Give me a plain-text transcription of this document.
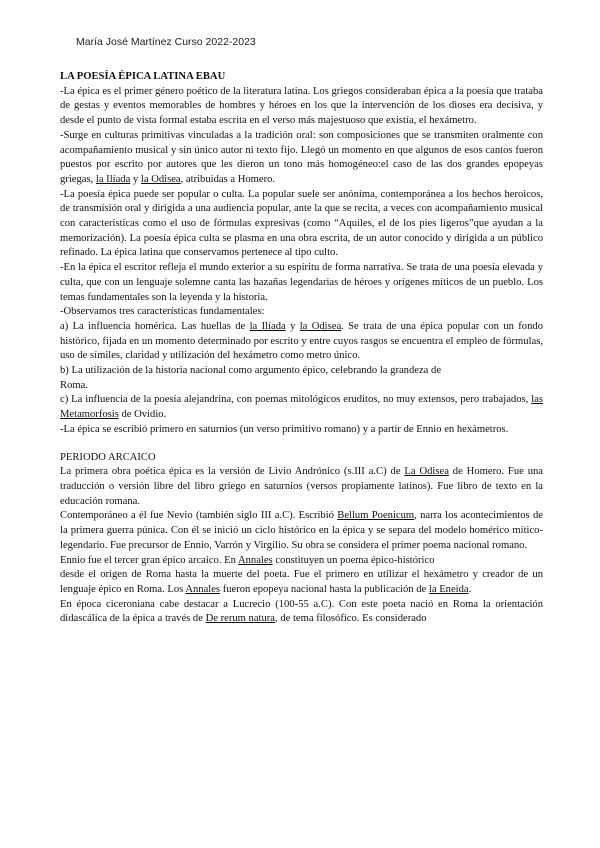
María José Martínez Curso 2022-2023

LA POESÍA ÉPICA LATINA EBAU

-La épica es el primer género poético de la literatura latina. Los griegos consideraban épica a la poesía que trataba de gestas y eventos memorables de hombres y héroes en los que la intervención de los dioses era decisiva, y desde el punto de vista formal estaba escrita en el verso más majestuoso que existía, el hexámetro.

-Surge en culturas primitivas vinculadas a la tradición oral: son composiciones que se transmiten oralmente con acompañamiento musical y sin único autor ni texto fijo. Llegó un momento en que algunos de esos cantos fueron puestos por escrito por autores que les dieron un tono más homogéneo:el caso de las dos grandes epopeyas griegas, la Ilíada y la Odisea, atribuidas a Homero.

-La poesía épica puede ser popular o culta. La popular suele ser anónima, contemporánea a los hechos heroicos, de transmisión oral y dirigida a una audiencia popular, ante la que se recita, a veces con acompañamiento musical con características como el uso de fórmulas expresivas (como “Aquiles, el de los pies ligeros”que ayudan a la memorización). La poesía épica culta se plasma en una obra escrita, de un autor conocido y dirigida a un público refinado. La épica latina que conservamos pertenece al tipo culto.

-En la épica el escritor refleja el mundo exterior a su espíritu de forma narrativa. Se trata de una poesía elevada y culta, que con un lenguaje solemne canta las hazañas legendarias de héroes y orígenes míticos de un pueblo. Los temas fundamentales son la leyenda y la historia.

-Observamos tres características fundamentales:

a) La influencia homérica. Las huellas de la Ilíada y la Odisea. Se trata de una épica popular con un fondo histórico, fijada en un momento determinado por escrito y entre cuyos rasgos se encuentra el empleo de fórmulas, uso de símiles, claridad y utilización del hexámetro como metro único.

b) La utilización de la historia nacional como argumento épico, celebrando la grandeza de
Roma.

c) La influencia de la poesía alejandrina, con poemas mitológicos eruditos, no muy extensos, pero trabajados, las Metamorfosis de Ovidio.

-La épica se escribió primero en saturnios (un verso primitivo romano) y a partir de Ennio en hexámetros.

PERIODO ARCAICO

La primera obra poética épica es la versión de Livio Andrónico (s.III a.C) de La Odisea de Homero. Fue una traducción o versión libre del libro griego en saturnios (versos propiamente latinos). Fue libro de texto en la educación romana.

Contemporáneo a él fue Nevio (también siglo III a.C). Escribió Bellum Poenicum, narra los acontecimientos de la primera guerra púnica. Con él se inició un ciclo histórico en la épica y se separa del modelo homérico mítico-legendario. Fue precursor de Ennio, Varrón y Virgilio. Su obra se considera el primer poema nacional romano.

Ennio fue el tercer gran épico arcaico. En Annales constituyen un poema épico-histórico

desde el origen de Roma hasta la muerte del poeta. Fue el primero en utilizar el hexámetro y creador de un lenguaje épico en Roma. Los Annales fueron epopeya nacional hasta la publicación de la Eneida.

En época ciceroniana cabe destacar a Lucrecio (100-55 a.C). Con este poeta nació en Roma la orientación didascálica de la épica a través de De rerum natura, de tema filosófico. Es considerado
